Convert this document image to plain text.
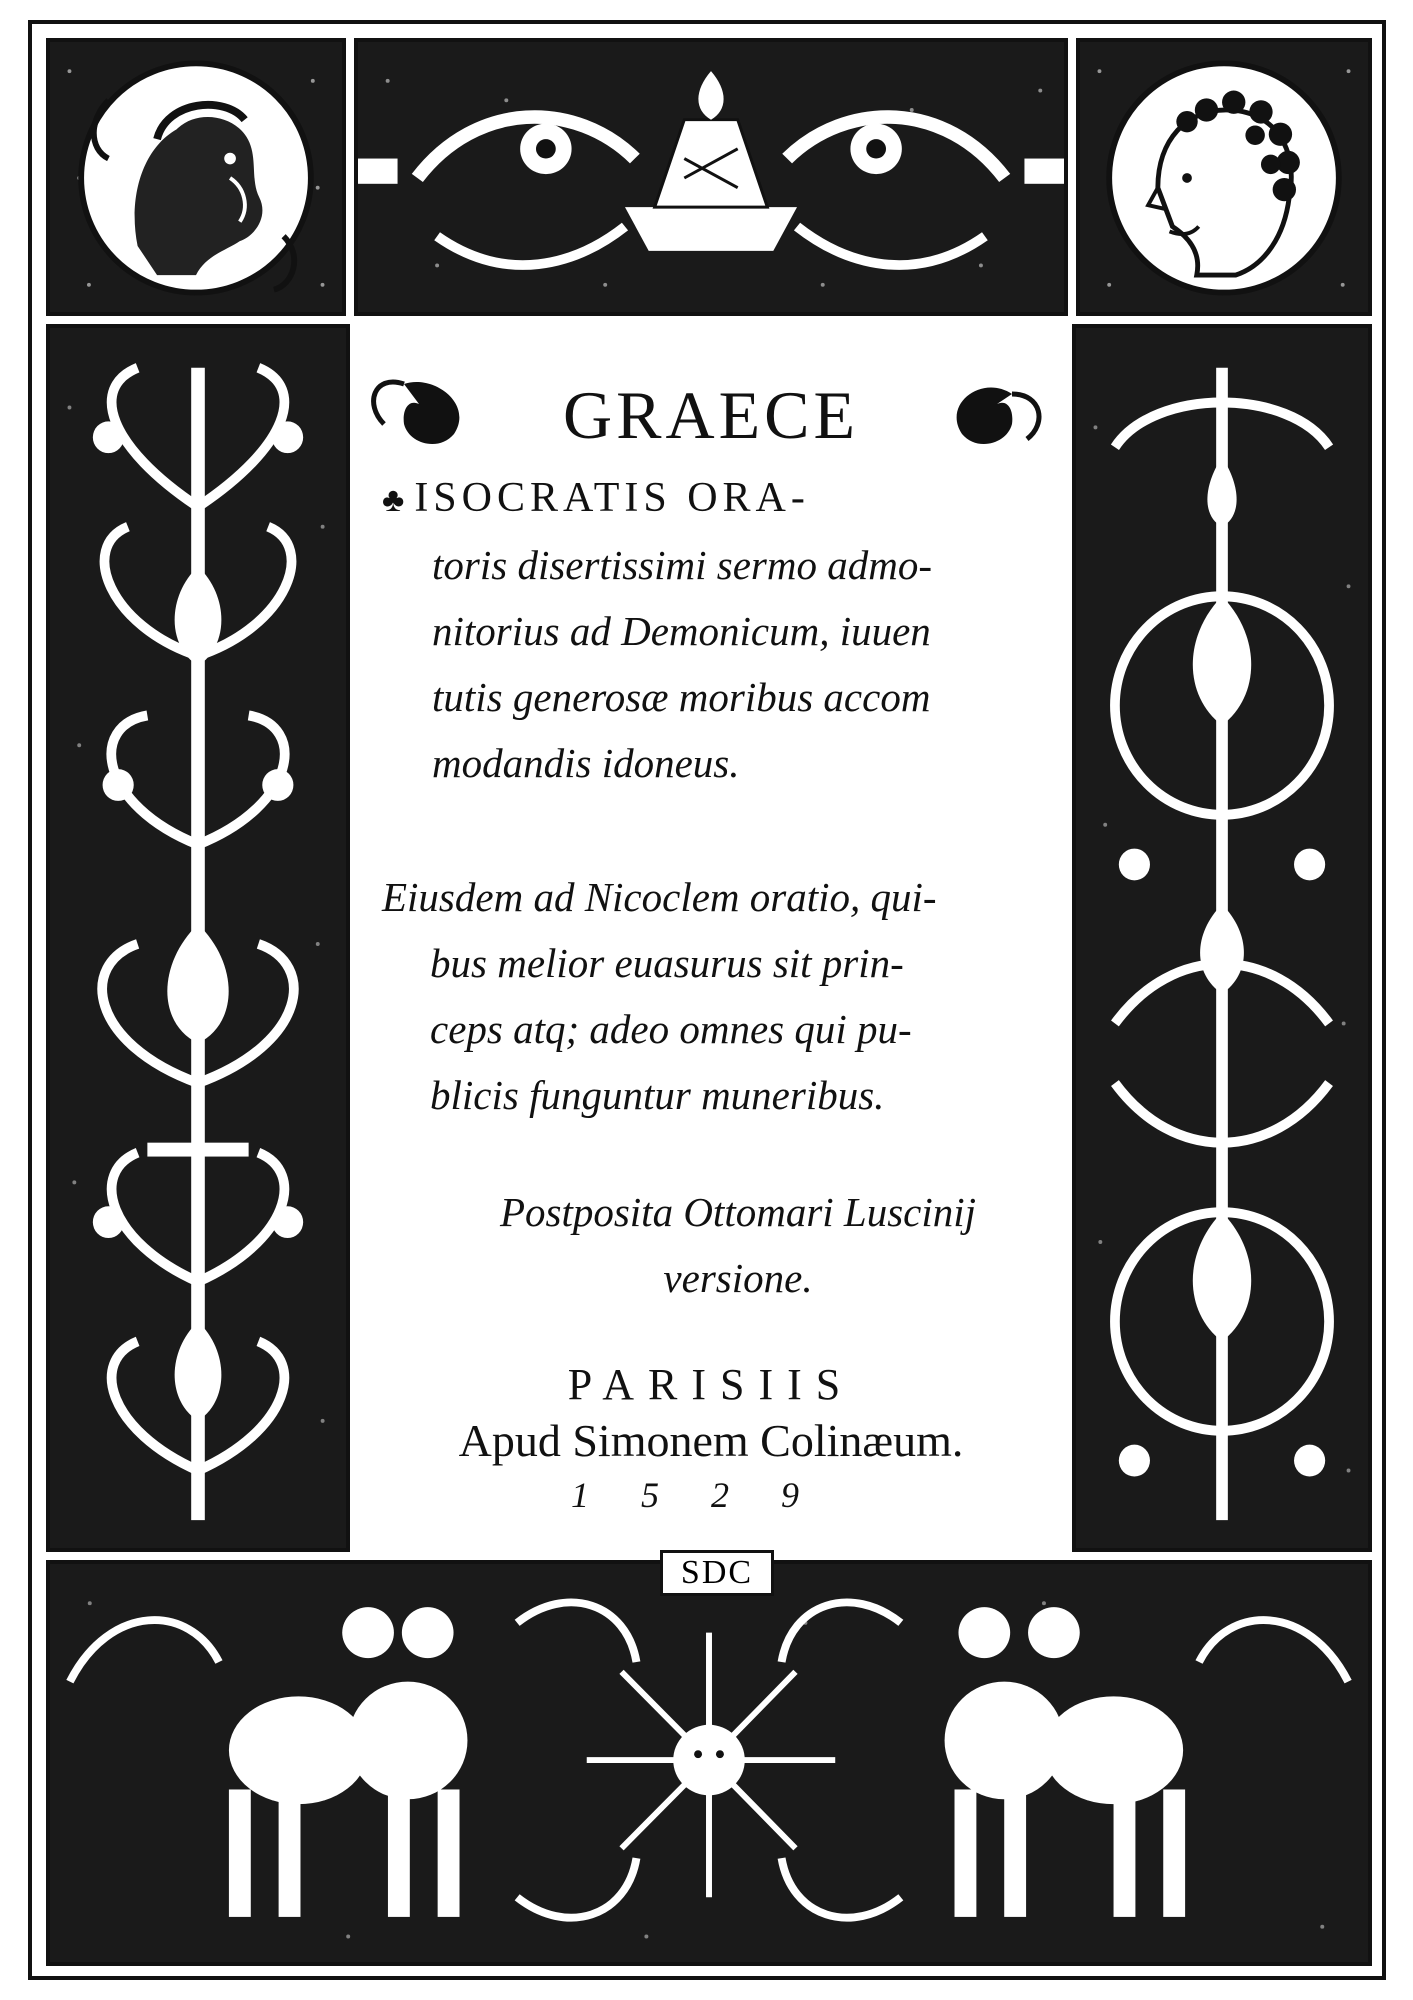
GRAECE
♣ ISOCRATIS ORA-
toris disertissimi sermo admo-
nitorius ad Demonicum, iuuen
tutis generosæ moribus accom
modandis idoneus.
Eiusdem ad Nicoclem oratio, qui-
bus melior euasurus sit prin-
ceps atq; adeo omnes qui pu-
blicis funguntur muneribus.
Postposita Ottomari Luscinij
versione.
PARISIIS
Apud Simonem Colinæum.
1529
SDC
